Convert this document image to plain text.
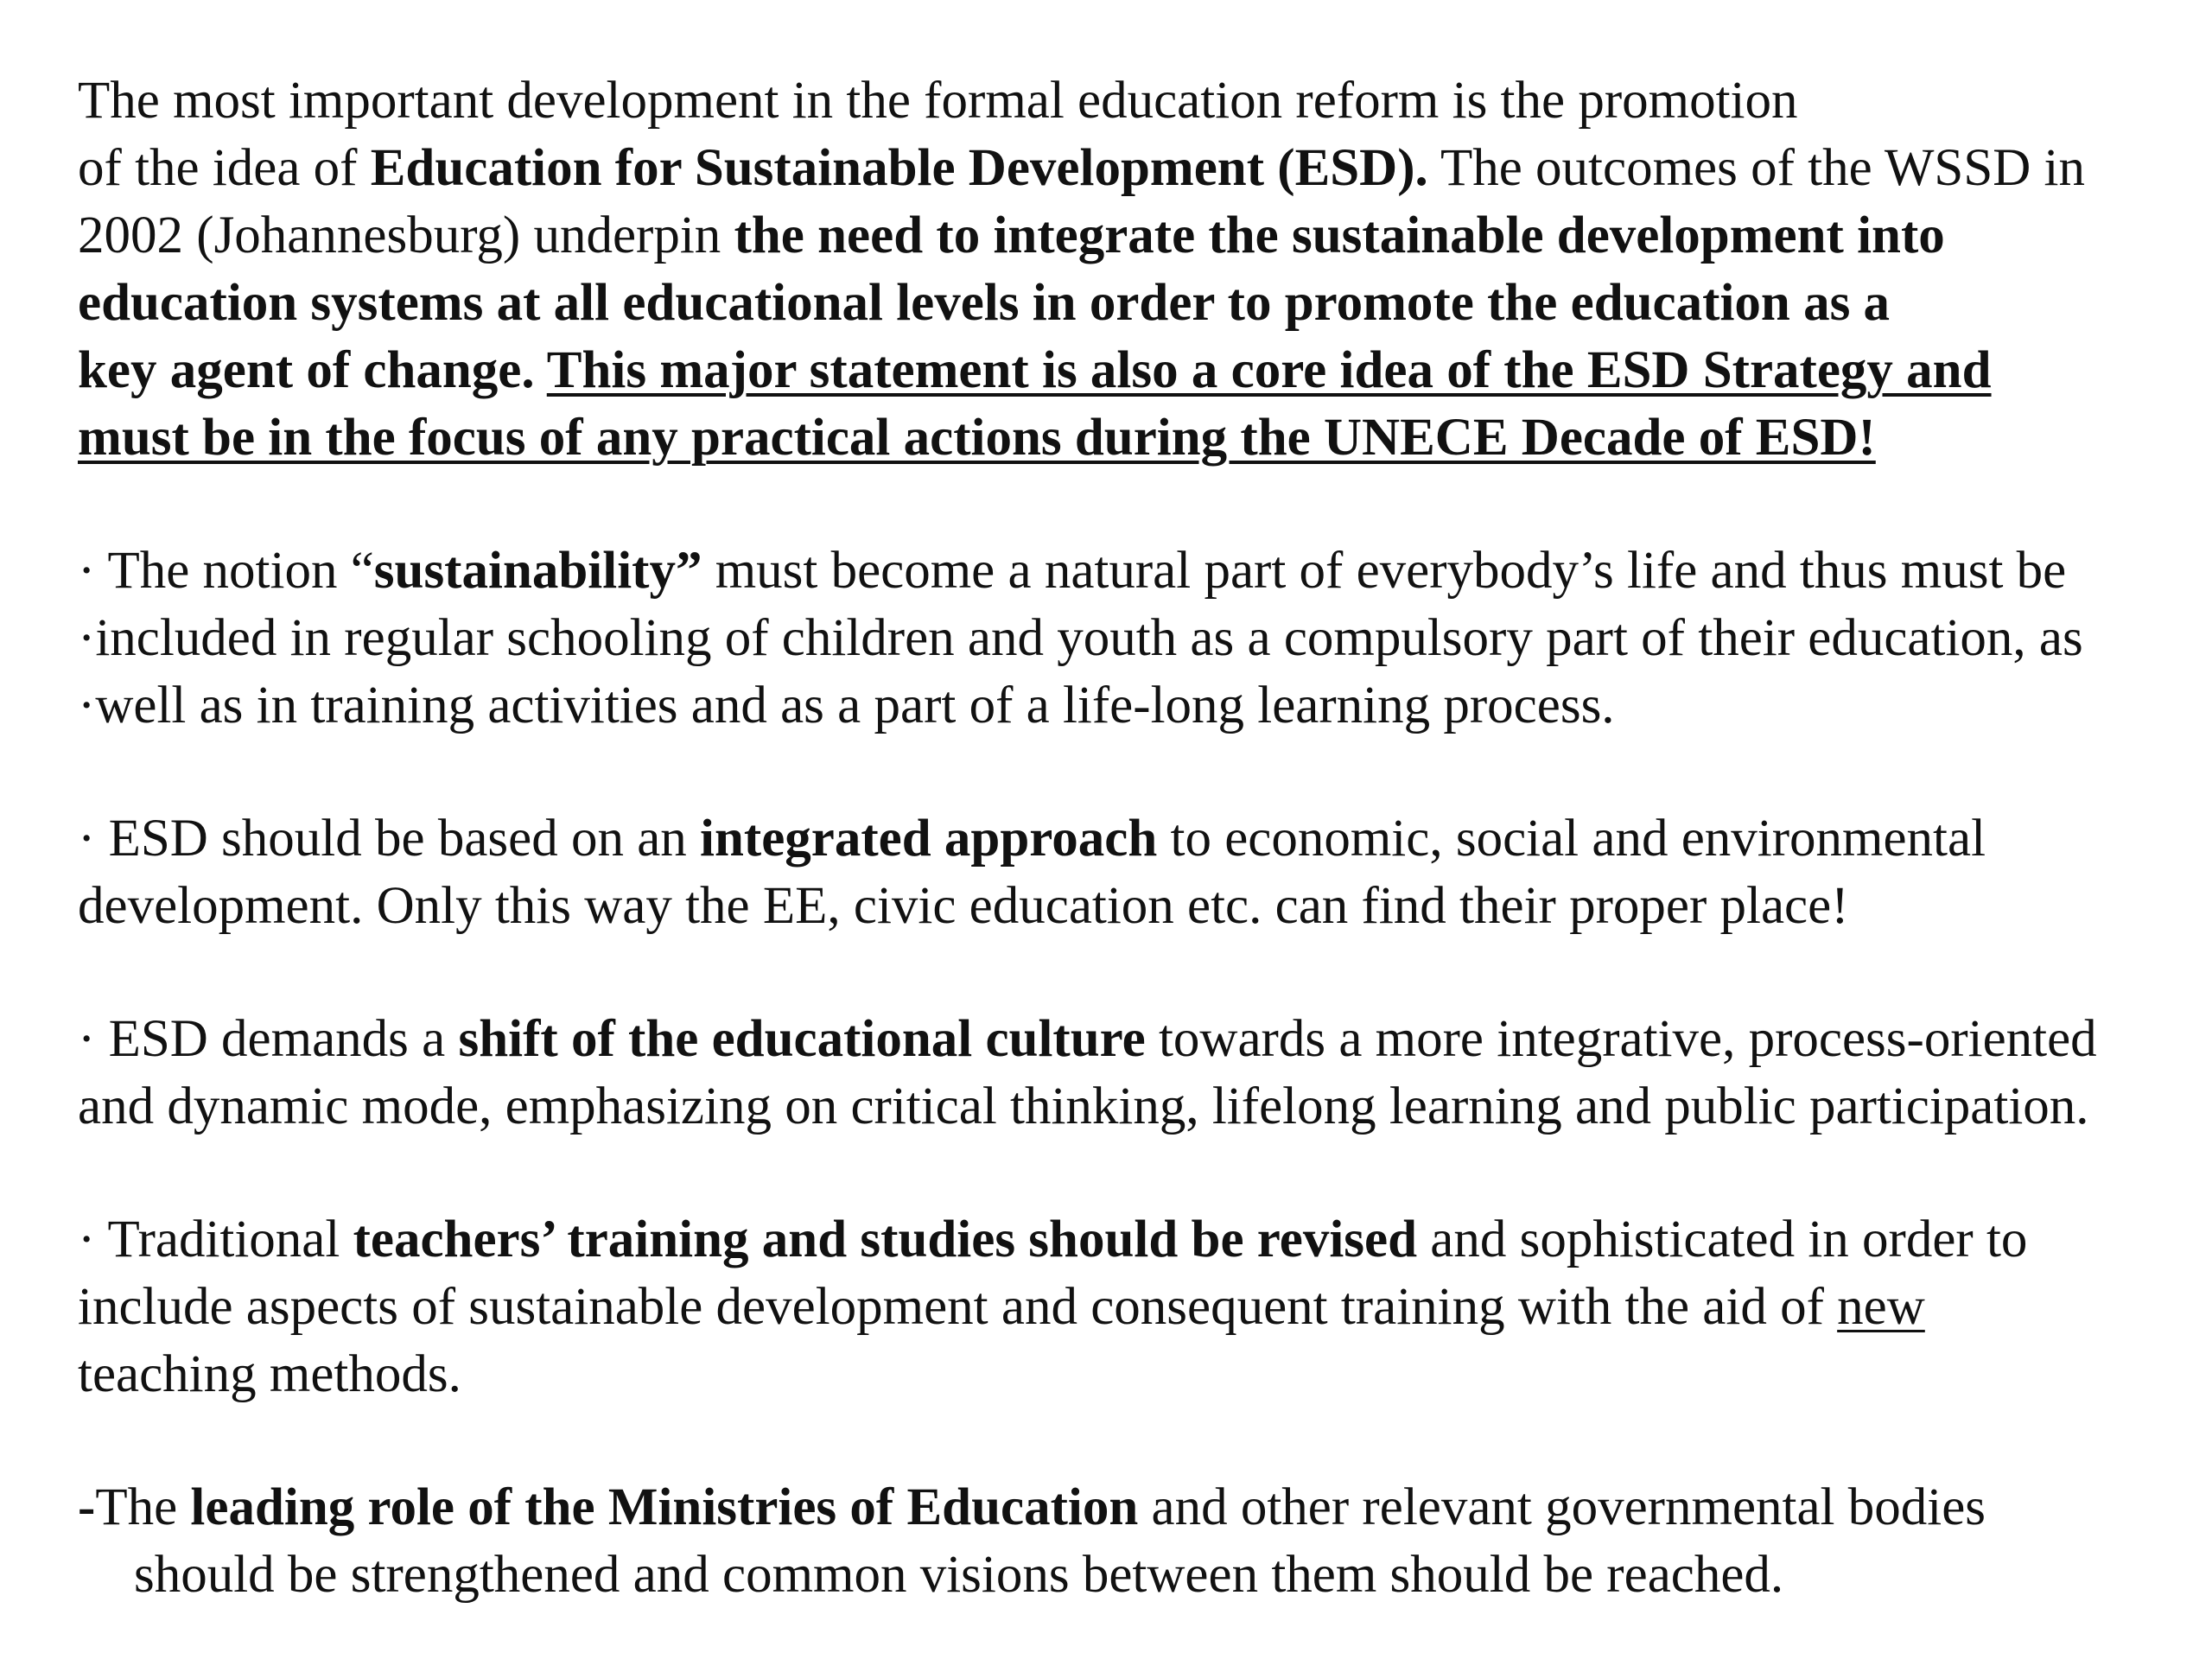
The most important development in the formal education reform is the promotion
of the idea of Education for Sustainable Development (ESD). The outcomes of the WSSD in
2002 (Johannesburg) underpin the need to integrate the sustainable development into
education systems at all educational levels in order to promote the education as a
key agent of change. This major statement is also a core idea of the ESD Strategy and
must be in the focus of any practical actions during the UNECE Decade of ESD!
· The notion “sustainability” must become a natural part of everybody’s life and thus must be
·included in regular schooling of children and youth as a compulsory part of their education, as
·well as in training activities and as a part of a life-long learning process.
· ESD should be based on an integrated approach to economic, social and environmental
development. Only this way the EE, civic education etc. can find their proper place!
· ESD demands a shift of the educational culture towards a more integrative, process-oriented
and dynamic mode, emphasizing on critical thinking, lifelong learning and public participation.
· Traditional teachers’ training and studies should be revised and sophisticated in order to
include aspects of sustainable development and consequent training with the aid of new
teaching methods.
-The leading role of the Ministries of Education and other relevant governmental bodies
should be strengthened and common visions between them should be reached.
